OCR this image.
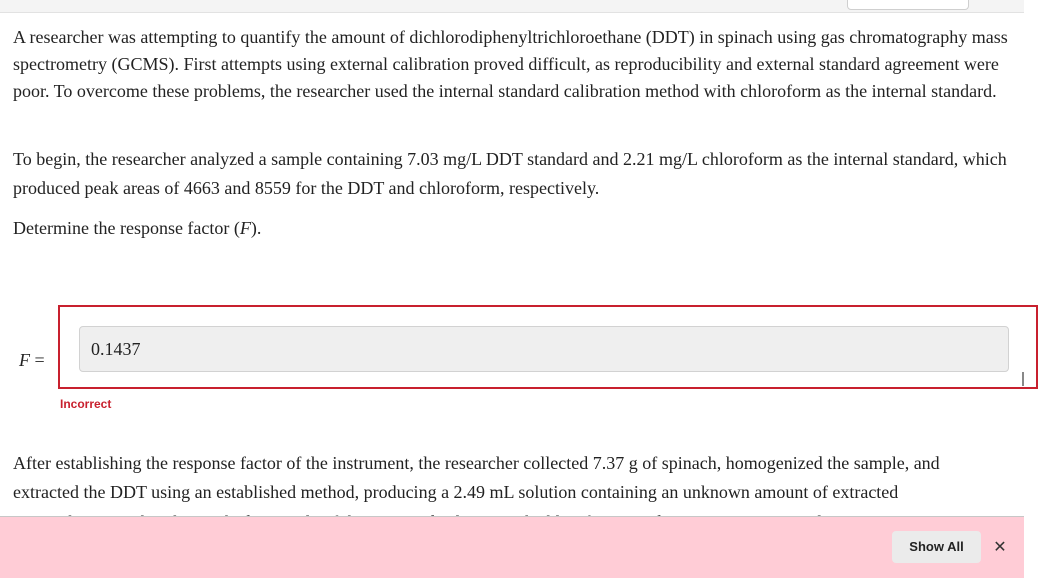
A researcher was attempting to quantify the amount of dichlorodiphenyltrichloroethane (DDT) in spinach using gas chromatography mass spectrometry (GCMS). First attempts using external calibration proved difficult, as reproducibility and external standard agreement were poor. To overcome these problems, the researcher used the internal standard calibration method with chloroform as the internal standard.

To begin, the researcher analyzed a sample containing 7.03 mg/L DDT standard and 2.21 mg/L chloroform as the internal standard, which produced peak areas of 4663 and 8559 for the DDT and chloroform, respectively.

Determine the response factor (F).

F =
0.1437
Incorrect
After establishing the response factor of the instrument, the researcher collected 7.37 g of spinach, homogenized the sample, and
extracted the DDT using an established method, producing a 2.49 mL solution containing an unknown amount of extracted
Show All	✕
